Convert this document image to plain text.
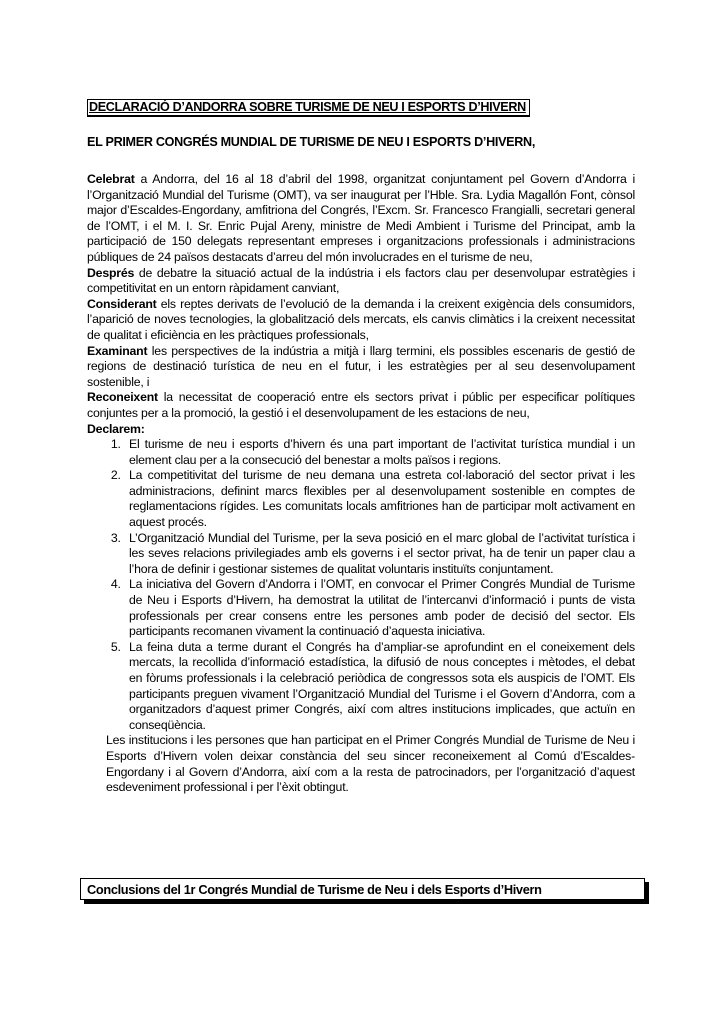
DECLARACIÓ D’ANDORRA SOBRE TURISME DE NEU I ESPORTS D’HIVERN
EL PRIMER CONGRÉS MUNDIAL DE TURISME DE NEU I ESPORTS D’HIVERN,

Celebrat a Andorra, del 16 al 18 d’abril del 1998, organitzat conjuntament pel Govern d’Andorra i l’Organització Mundial del Turisme (OMT), va ser inaugurat per l’Hble. Sra. Lydia Magallón Font, cònsol major d’Escaldes-Engordany, amfitriona del Congrés, l’Excm. Sr. Francesco Frangialli, secretari general de l’OMT, i el M. I. Sr. Enric Pujal Areny, ministre de Medi Ambient i Turisme del Principat, amb la participació de 150 delegats representant empreses i organitzacions professionals i administracions públiques de 24 països destacats d’arreu del món involucrades en el turisme de neu,

Després de debatre la situació actual de la indústria i els factors clau per desenvolupar estratègies i competitivitat en un entorn ràpidament canviant,

Considerant els reptes derivats de l’evolució de la demanda i la creixent exigència dels consumidors, l’aparició de noves tecnologies, la globalització dels mercats, els canvis climàtics i la creixent necessitat de qualitat i eficiència en les pràctiques professionals,

Examinant les perspectives de la indústria a mitjà i llarg termini, els possibles escenaris de gestió de regions de destinació turística de neu en el futur, i les estratègies per al seu desenvolupament sostenible, i

Reconeixent la necessitat de cooperació entre els sectors privat i públic per especificar polítiques conjuntes per a la promoció, la gestió i el desenvolupament de les estacions de neu,

Declarem:

1. El turisme de neu i esports d’hivern és una part important de l’activitat turística mundial i un element clau per a la consecució del benestar a molts països i regions.
2. La competitivitat del turisme de neu demana una estreta col·laboració del sector privat i les administracions, definint marcs flexibles per al desenvolupament sostenible en comptes de reglamentacions rígides. Les comunitats locals amfitriones han de participar molt activament en aquest procés.
3. L’Organització Mundial del Turisme, per la seva posició en el marc global de l’activitat turística i les seves relacions privilegiades amb els governs i el sector privat, ha de tenir un paper clau a l’hora de definir i gestionar sistemes de qualitat voluntaris instituïts conjuntament.
4. La iniciativa del Govern d’Andorra i l’OMT, en convocar el Primer Congrés Mundial de Turisme de Neu i Esports d’Hivern, ha demostrat la utilitat de l’intercanvi d’informació i punts de vista professionals per crear consens entre les persones amb poder de decisió del sector. Els participants recomanen vivament la continuació d’aquesta iniciativa.
5. La feina duta a terme durant el Congrés ha d’ampliar-se aprofundint en el coneixement dels mercats, la recollida d’informació estadística, la difusió de nous conceptes i mètodes, el debat en fòrums professionals i la celebració periòdica de congressos sota els auspicis de l’OMT. Els participants preguen vivament l’Organització Mundial del Turisme i el Govern d’Andorra, com a organitzadors d’aquest primer Congrés, així com altres institucions implicades, que actuïn en conseqüència.

Les institucions i les persones que han participat en el Primer Congrés Mundial de Turisme de Neu i Esports d’Hivern volen deixar constància del seu sincer reconeixement al Comú d’Escaldes-Engordany i al Govern d’Andorra, així com a la resta de patrocinadors, per l’organització d’aquest esdeveniment professional i per l’èxit obtingut.

Conclusions del 1r Congrés Mundial de Turisme de Neu i dels Esports d’Hivern
